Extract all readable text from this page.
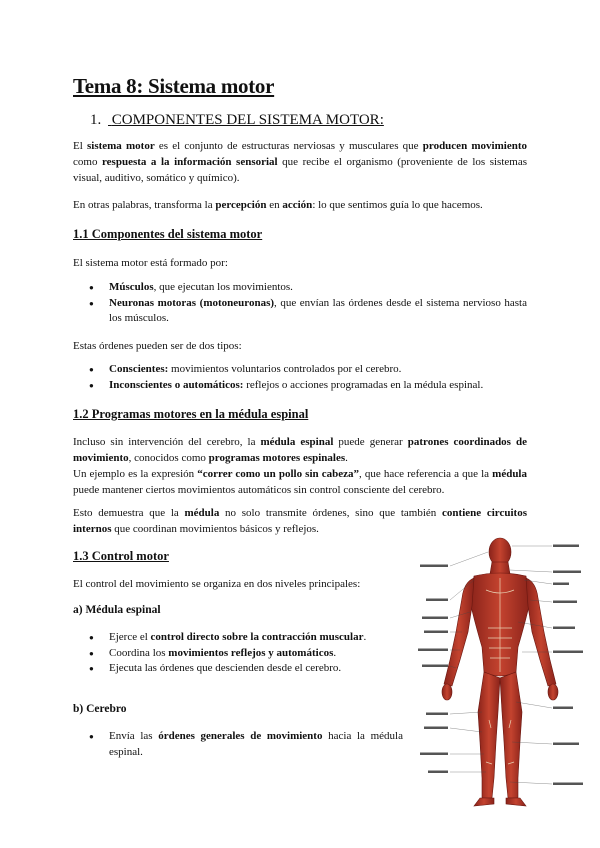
Tema 8: Sistema motor
1. COMPONENTES DEL SISTEMA MOTOR:
El sistema motor es el conjunto de estructuras nerviosas y musculares que producen movimiento como respuesta a la información sensorial que recibe el organismo (proveniente de los sistemas visual, auditivo, somático y químico).
En otras palabras, transforma la percepción en acción: lo que sentimos guía lo que hacemos.
1.1 Componentes del sistema motor
El sistema motor está formado por:
● Músculos, que ejecutan los movimientos.
● Neuronas motoras (motoneuronas), que envían las órdenes desde el sistema nervioso hasta los músculos.
Estas órdenes pueden ser de dos tipos:
● Conscientes: movimientos voluntarios controlados por el cerebro.
● Inconscientes o automáticos: reflejos o acciones programadas en la médula espinal.
1.2 Programas motores en la médula espinal
Incluso sin intervención del cerebro, la médula espinal puede generar patrones coordinados de movimiento, conocidos como programas motores espinales.
Un ejemplo es la expresión “correr como un pollo sin cabeza”, que hace referencia a que la médula puede mantener ciertos movimientos automáticos sin control consciente del cerebro.
Esto demuestra que la médula no solo transmite órdenes, sino que también contiene circuitos internos que coordinan movimientos básicos y reflejos.
1.3 Control motor
El control del movimiento se organiza en dos niveles principales:
a) Médula espinal
● Ejerce el control directo sobre la contracción muscular.
● Coordina los movimientos reflejos y automáticos.
● Ejecuta las órdenes que descienden desde el cerebro.
b) Cerebro
● Envía las órdenes generales de movimiento hacia la médula espinal.
